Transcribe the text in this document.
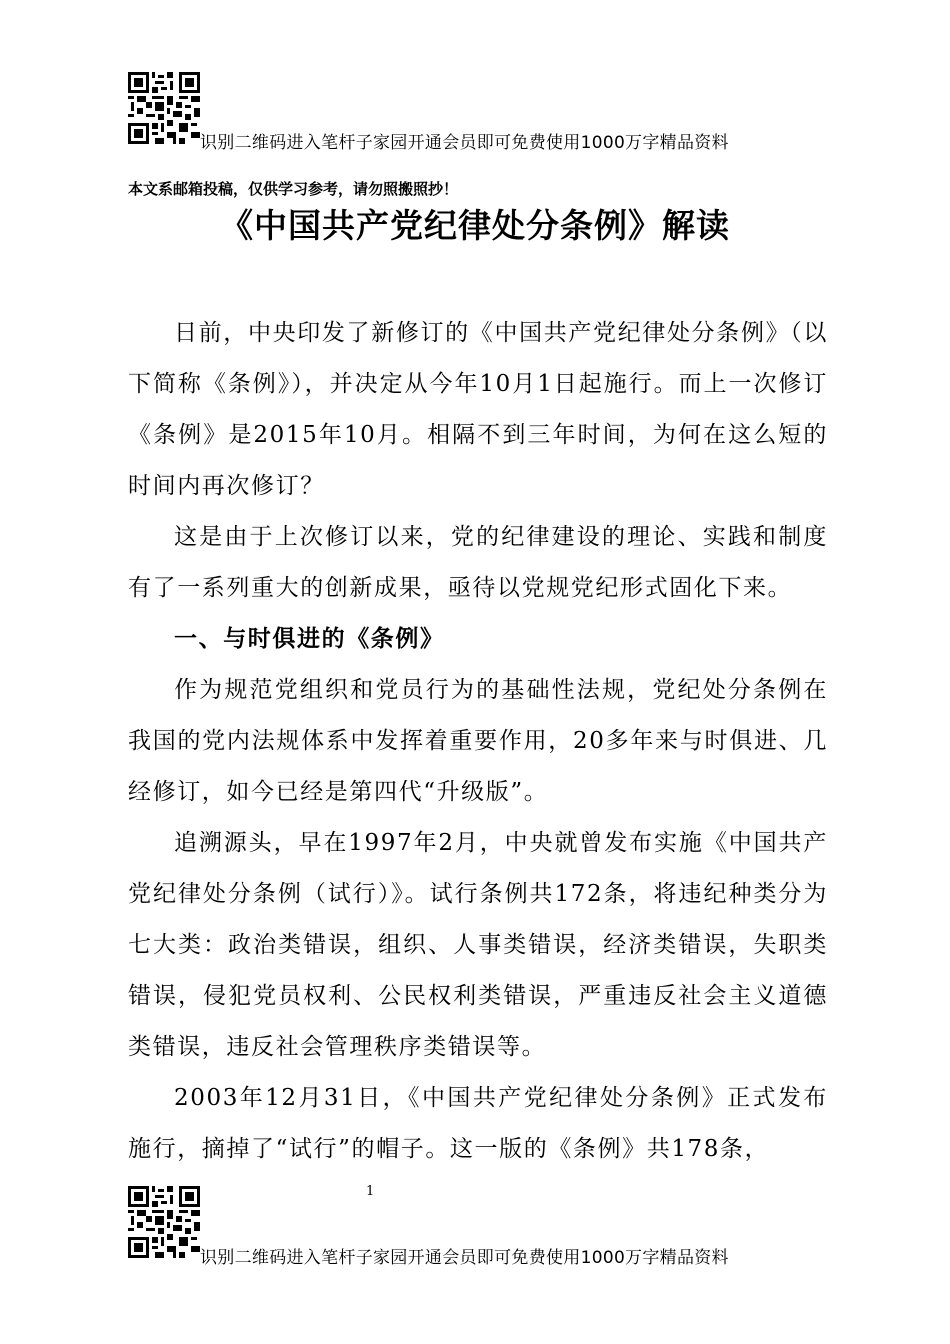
识别二维码进入笔杆子家园开通会员即可免费使用1000万字精品资料
本文系邮箱投稿，仅供学习参考，请勿照搬照抄！
《中国共产党纪律处分条例》解读

日前，中央印发了新修订的《中国共产党纪律处分条例》（以下简称《条例》），并决定从今年10月1日起施行。而上一次修订《条例》是2015年10月。相隔不到三年时间，为何在这么短的时间内再次修订？

这是由于上次修订以来，党的纪律建设的理论、实践和制度有了一系列重大的创新成果，亟待以党规党纪形式固化下来。

一、与时俱进的《条例》

作为规范党组织和党员行为的基础性法规，党纪处分条例在我国的党内法规体系中发挥着重要作用，20多年来与时俱进、几经修订，如今已经是第四代“升级版”。

追溯源头，早在1997年2月，中央就曾发布实施《中国共产党纪律处分条例（试行）》。试行条例共172条，将违纪种类分为七大类：政治类错误，组织、人事类错误，经济类错误，失职类错误，侵犯党员权利、公民权利类错误，严重违反社会主义道德类错误，违反社会管理秩序类错误等。

2003年12月31日，《中国共产党纪律处分条例》正式发布施行，摘掉了“试行”的帽子。这一版的《条例》共178条，

1
识别二维码进入笔杆子家园开通会员即可免费使用1000万字精品资料
